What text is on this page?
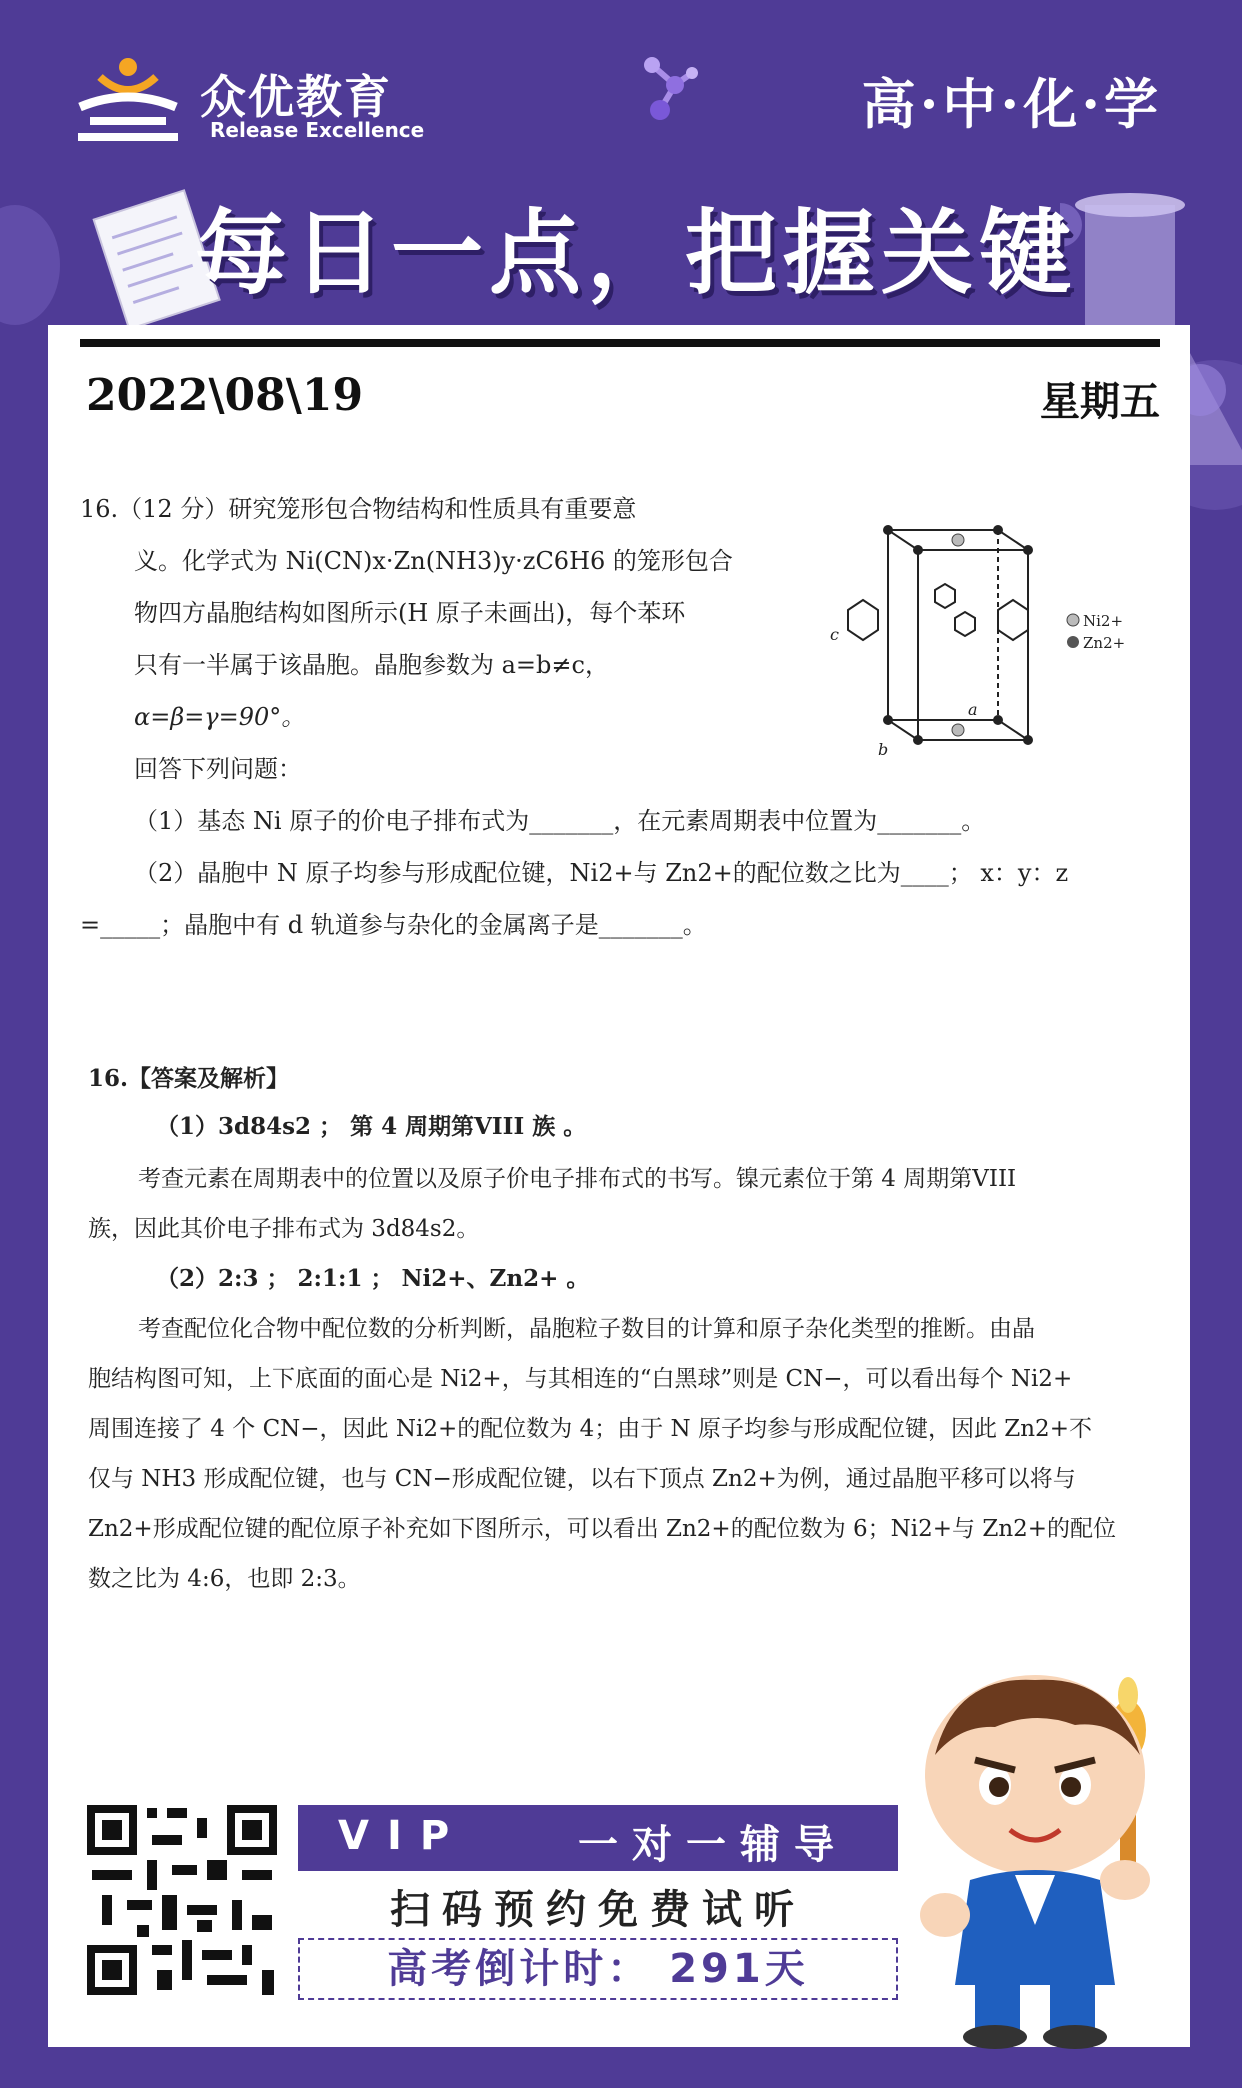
众优教育
Release Excellence	高·中·化·学
每日一点，把握关键
2022\08\19	星期五
16.（12 分）研究笼形包合物结构和性质具有重要意
义。化学式为 Ni(CN)x·Zn(NH3)y·zC6H6 的笼形包合
物四方晶胞结构如图所示(H 原子未画出)，每个苯环
只有一半属于该晶胞。晶胞参数为 a=b≠c，
α=β=γ=90°。
回答下列问题：
（1）基态 Ni 原子的价电子排布式为_______，在元素周期表中位置为_______。
（2）晶胞中 N 原子均参与形成配位键，Ni2+与 Zn2+的配位数之比为____； x：y：z
=_____；晶胞中有 d 轨道参与杂化的金属离子是_______。
Ni2+
Zn2+
a
b
c
16.【答案及解析】
（1）3d84s2 ； 第 4 周期第VIII 族 。
考查元素在周期表中的位置以及原子价电子排布式的书写。镍元素位于第 4 周期第VIII
族，因此其价电子排布式为 3d84s2。
（2）2:3 ； 2:1:1 ； Ni2+、Zn2+ 。
考查配位化合物中配位数的分析判断，晶胞粒子数目的计算和原子杂化类型的推断。由晶
胞结构图可知，上下底面的面心是 Ni2+，与其相连的“白黑球”则是 CN−，可以看出每个 Ni2+
周围连接了 4 个 CN−，因此 Ni2+的配位数为 4；由于 N 原子均参与形成配位键，因此 Zn2+不
仅与 NH3 形成配位键，也与 CN−形成配位键，以右下顶点 Zn2+为例，通过晶胞平移可以将与
Zn2+形成配位键的配位原子补充如下图所示，可以看出 Zn2+的配位数为 6；Ni2+与 Zn2+的配位
数之比为 4:6，也即 2:3。
VIP	一对一辅导
扫码预约免费试听
高考倒计时： 291天
